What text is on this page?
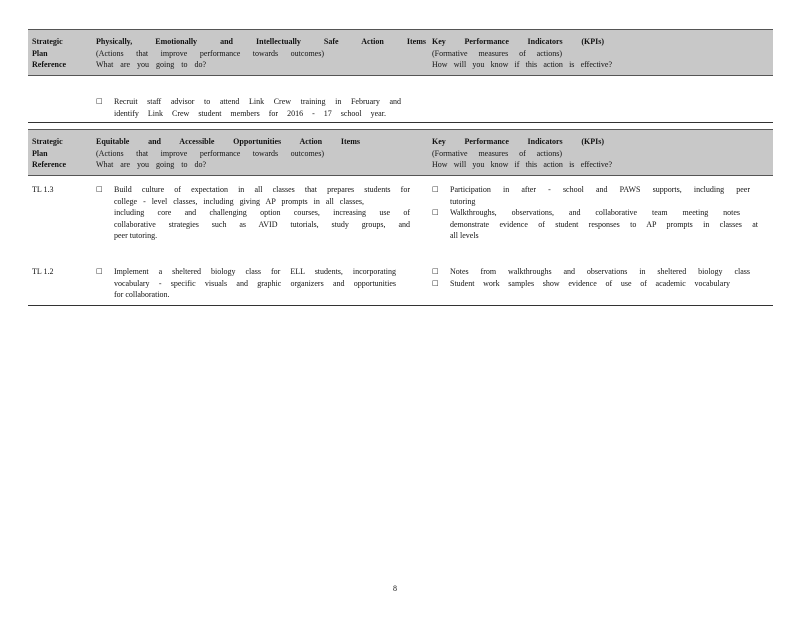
Strategic
Plan
Reference
Physically, Emotionally and Intellectually Safe Action Items
(Actions that improve performance towards outcomes)
What are you going to do?
Key Performance Indicators (KPIs)
(Formative measures of actions)
How will you know if this action is effective?
□ Recruit staff advisor to attend Link Crew training in February and
identify Link Crew student members for 2016 - 17 school year.
Strategic
Plan
Reference
Equitable and Accessible Opportunities Action Items
(Actions that improve performance towards outcomes)
What are you going to do?
Key Performance Indicators (KPIs)
(Formative measures of actions)
How will you know if this action is effective?
TL 1.3	□ Build culture of expectation in all classes that prepares students for
college - level classes, including giving AP prompts in all classes,
including core and challenging option courses, increasing use of
collaborative strategies such as AVID tutorials, study groups, and
peer tutoring.
□ Participation in after - school and PAWS supports, including peer
tutoring
□ Walkthroughs, observations, and collaborative team meeting notes
demonstrate evidence of student responses to AP prompts in classes at
all levels
TL 1.2	□ Implement a sheltered biology class for ELL students, incorporating
vocabulary - specific visuals and graphic organizers and opportunities
for collaboration.
□ Notes from walkthroughs and observations in sheltered biology class
□ Student work samples show evidence of use of academic vocabulary
8
